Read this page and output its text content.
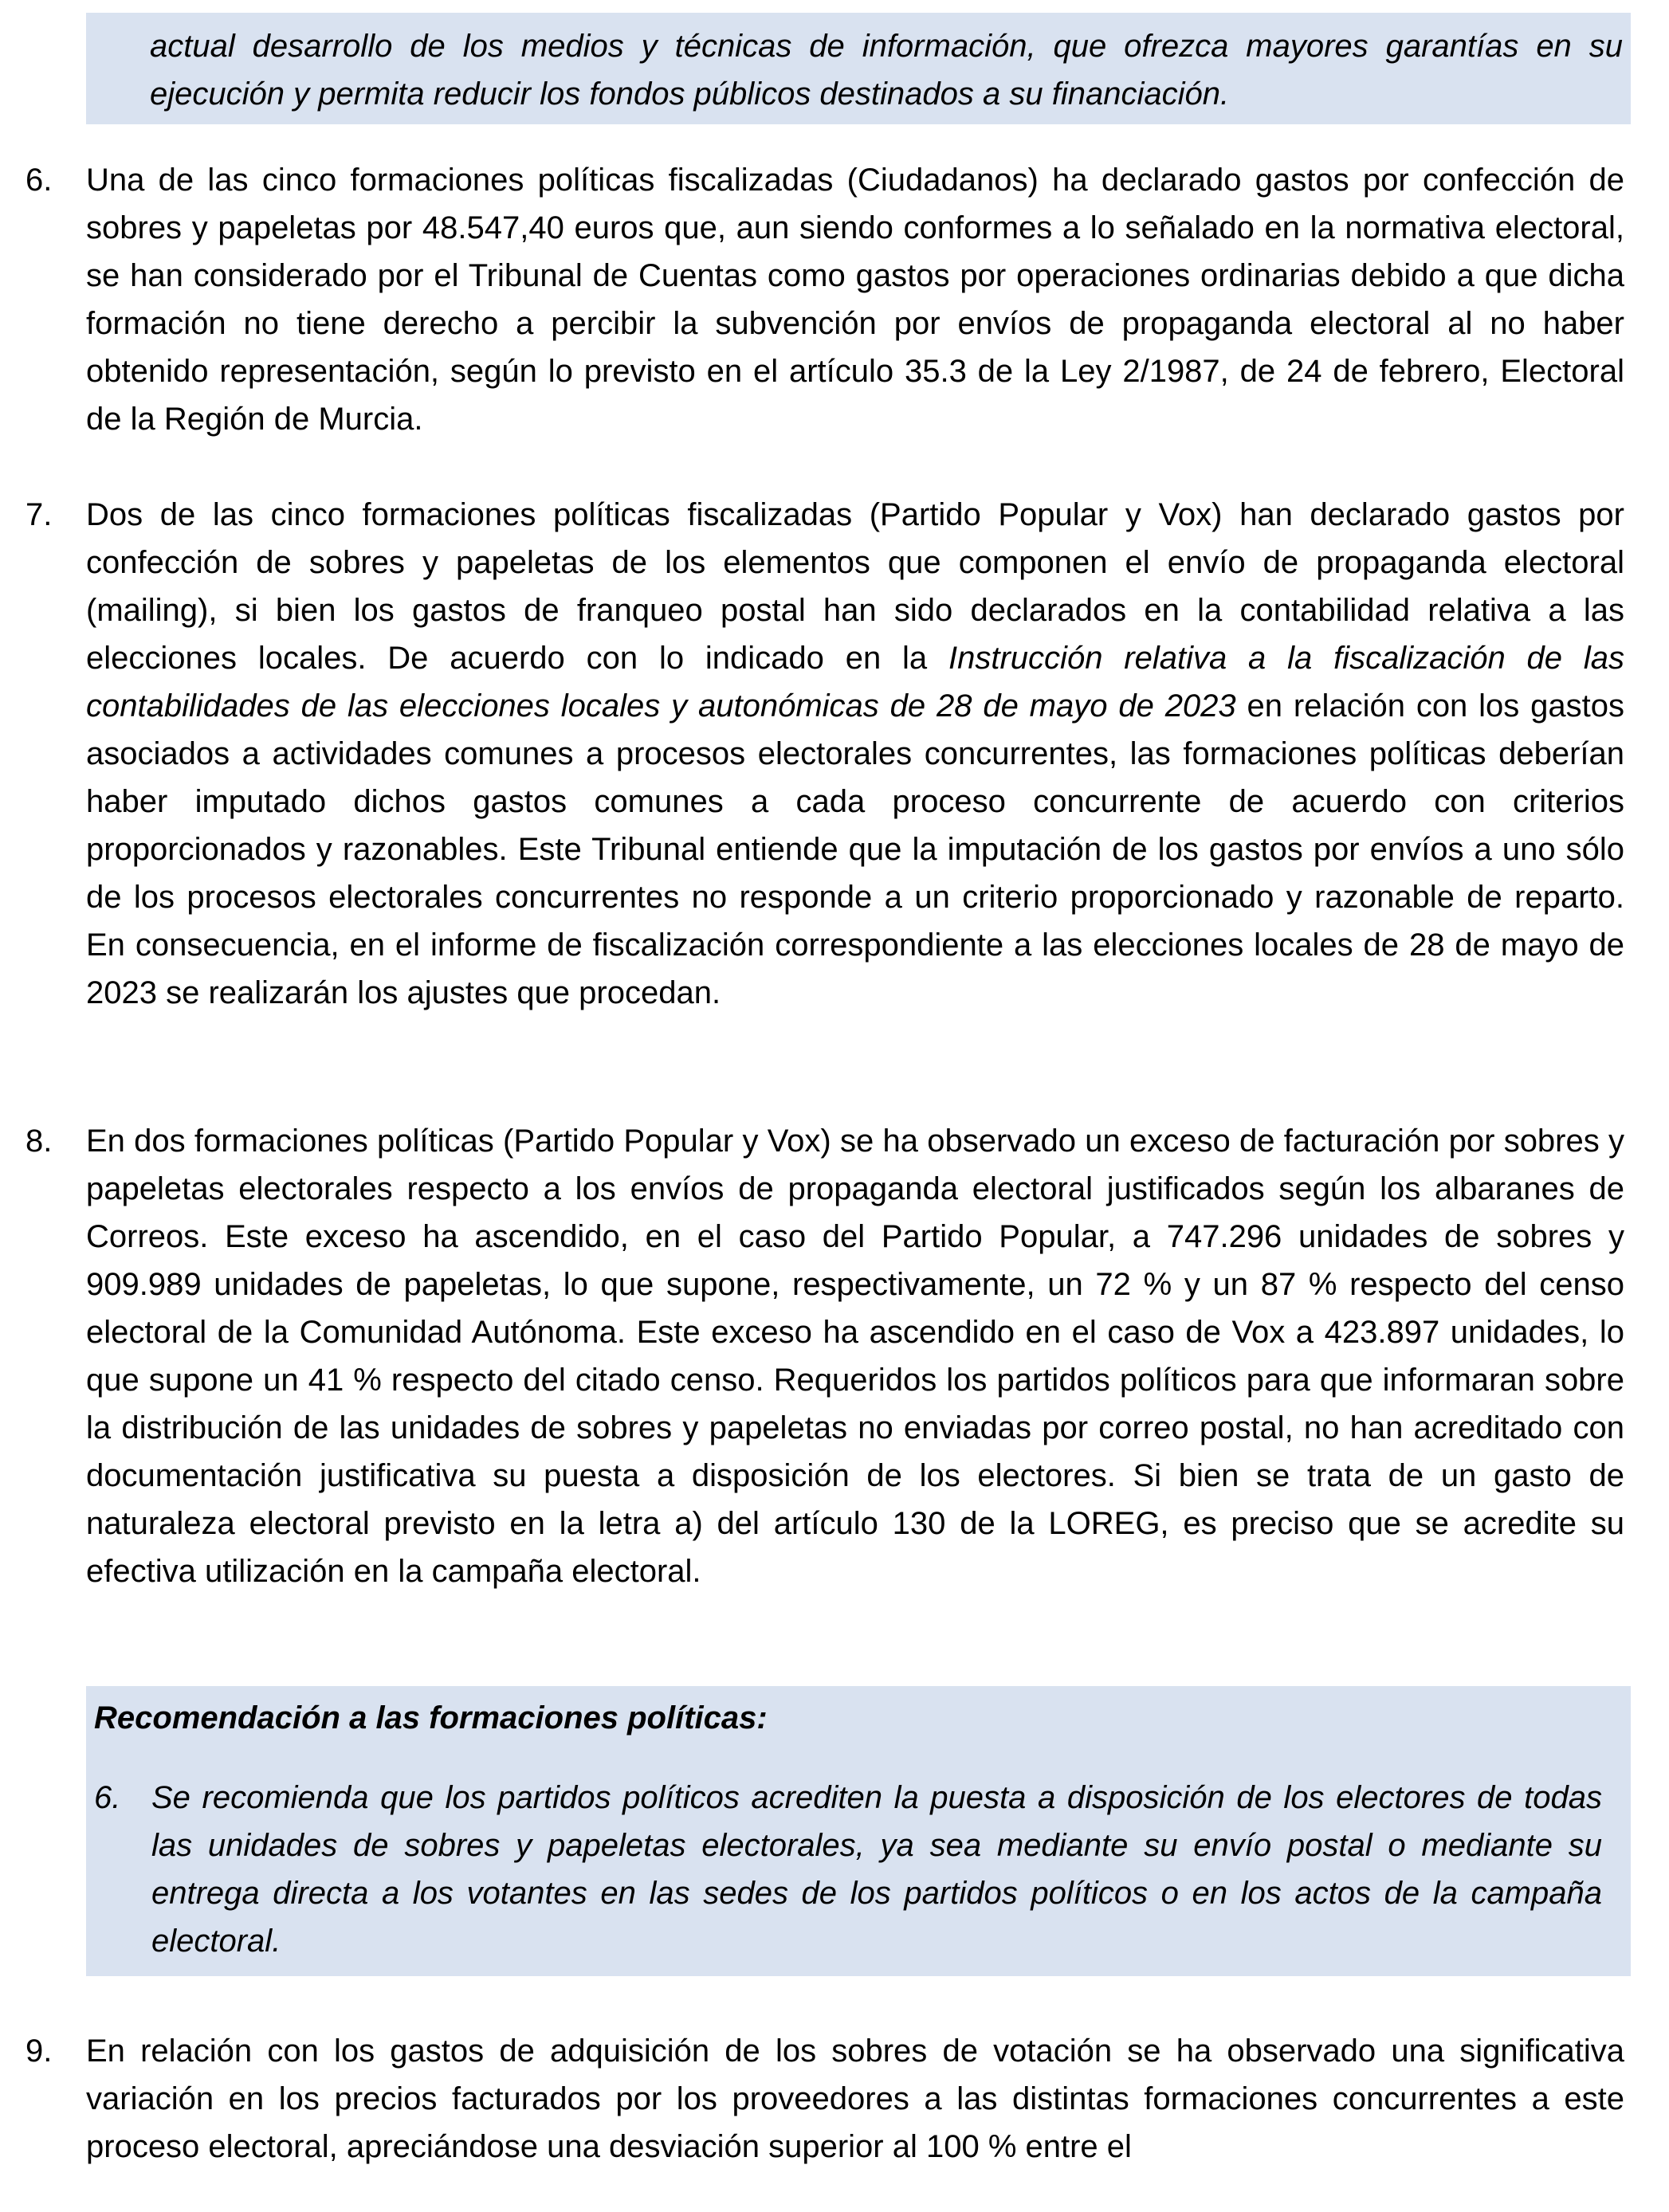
actual desarrollo de los medios y técnicas de información, que ofrezca mayores garantías en su ejecución y permita reducir los fondos públicos destinados a su financiación.
6.	Una de las cinco formaciones políticas fiscalizadas (Ciudadanos) ha declarado gastos por confección de sobres y papeletas por 48.547,40 euros que, aun siendo conformes a lo señalado en la normativa electoral, se han considerado por el Tribunal de Cuentas como gastos por operaciones ordinarias debido a que dicha formación no tiene derecho a percibir la subvención por envíos de propaganda electoral al no haber obtenido representación, según lo previsto en el artículo 35.3 de la Ley 2/1987, de 24 de febrero, Electoral de la Región de Murcia.
7.	Dos de las cinco formaciones políticas fiscalizadas (Partido Popular y Vox) han declarado gastos por confección de sobres y papeletas de los elementos que componen el envío de propaganda electoral (mailing), si bien los gastos de franqueo postal han sido declarados en la contabilidad relativa a las elecciones locales. De acuerdo con lo indicado en la Instrucción relativa a la fiscalización de las contabilidades de las elecciones locales y autonómicas de 28 de mayo de 2023 en relación con los gastos asociados a actividades comunes a procesos electorales concurrentes, las formaciones políticas deberían haber imputado dichos gastos comunes a cada proceso concurrente de acuerdo con criterios proporcionados y razonables. Este Tribunal entiende que la imputación de los gastos por envíos a uno sólo de los procesos electorales concurrentes no responde a un criterio proporcionado y razonable de reparto. En consecuencia, en el informe de fiscalización correspondiente a las elecciones locales de 28 de mayo de 2023 se realizarán los ajustes que procedan.
8.	En dos formaciones políticas (Partido Popular y Vox) se ha observado un exceso de facturación por sobres y papeletas electorales respecto a los envíos de propaganda electoral justificados según los albaranes de Correos. Este exceso ha ascendido, en el caso del Partido Popular, a 747.296 unidades de sobres y 909.989 unidades de papeletas, lo que supone, respectivamente, un 72 % y un 87 % respecto del censo electoral de la Comunidad Autónoma. Este exceso ha ascendido en el caso de Vox a 423.897 unidades, lo que supone un 41 % respecto del citado censo. Requeridos los partidos políticos para que informaran sobre la distribución de las unidades de sobres y papeletas no enviadas por correo postal, no han acreditado con documentación justificativa su puesta a disposición de los electores. Si bien se trata de un gasto de naturaleza electoral previsto en la letra a) del artículo 130 de la LOREG, es preciso que se acredite su efectiva utilización en la campaña electoral.
Recomendación a las formaciones políticas:
6. Se recomienda que los partidos políticos acrediten la puesta a disposición de los electores de todas las unidades de sobres y papeletas electorales, ya sea mediante su envío postal o mediante su entrega directa a los votantes en las sedes de los partidos políticos o en los actos de la campaña electoral.
9.	En relación con los gastos de adquisición de los sobres de votación se ha observado una significativa variación en los precios facturados por los proveedores a las distintas formaciones concurrentes a este proceso electoral, apreciándose una desviación superior al 100 % entre el
